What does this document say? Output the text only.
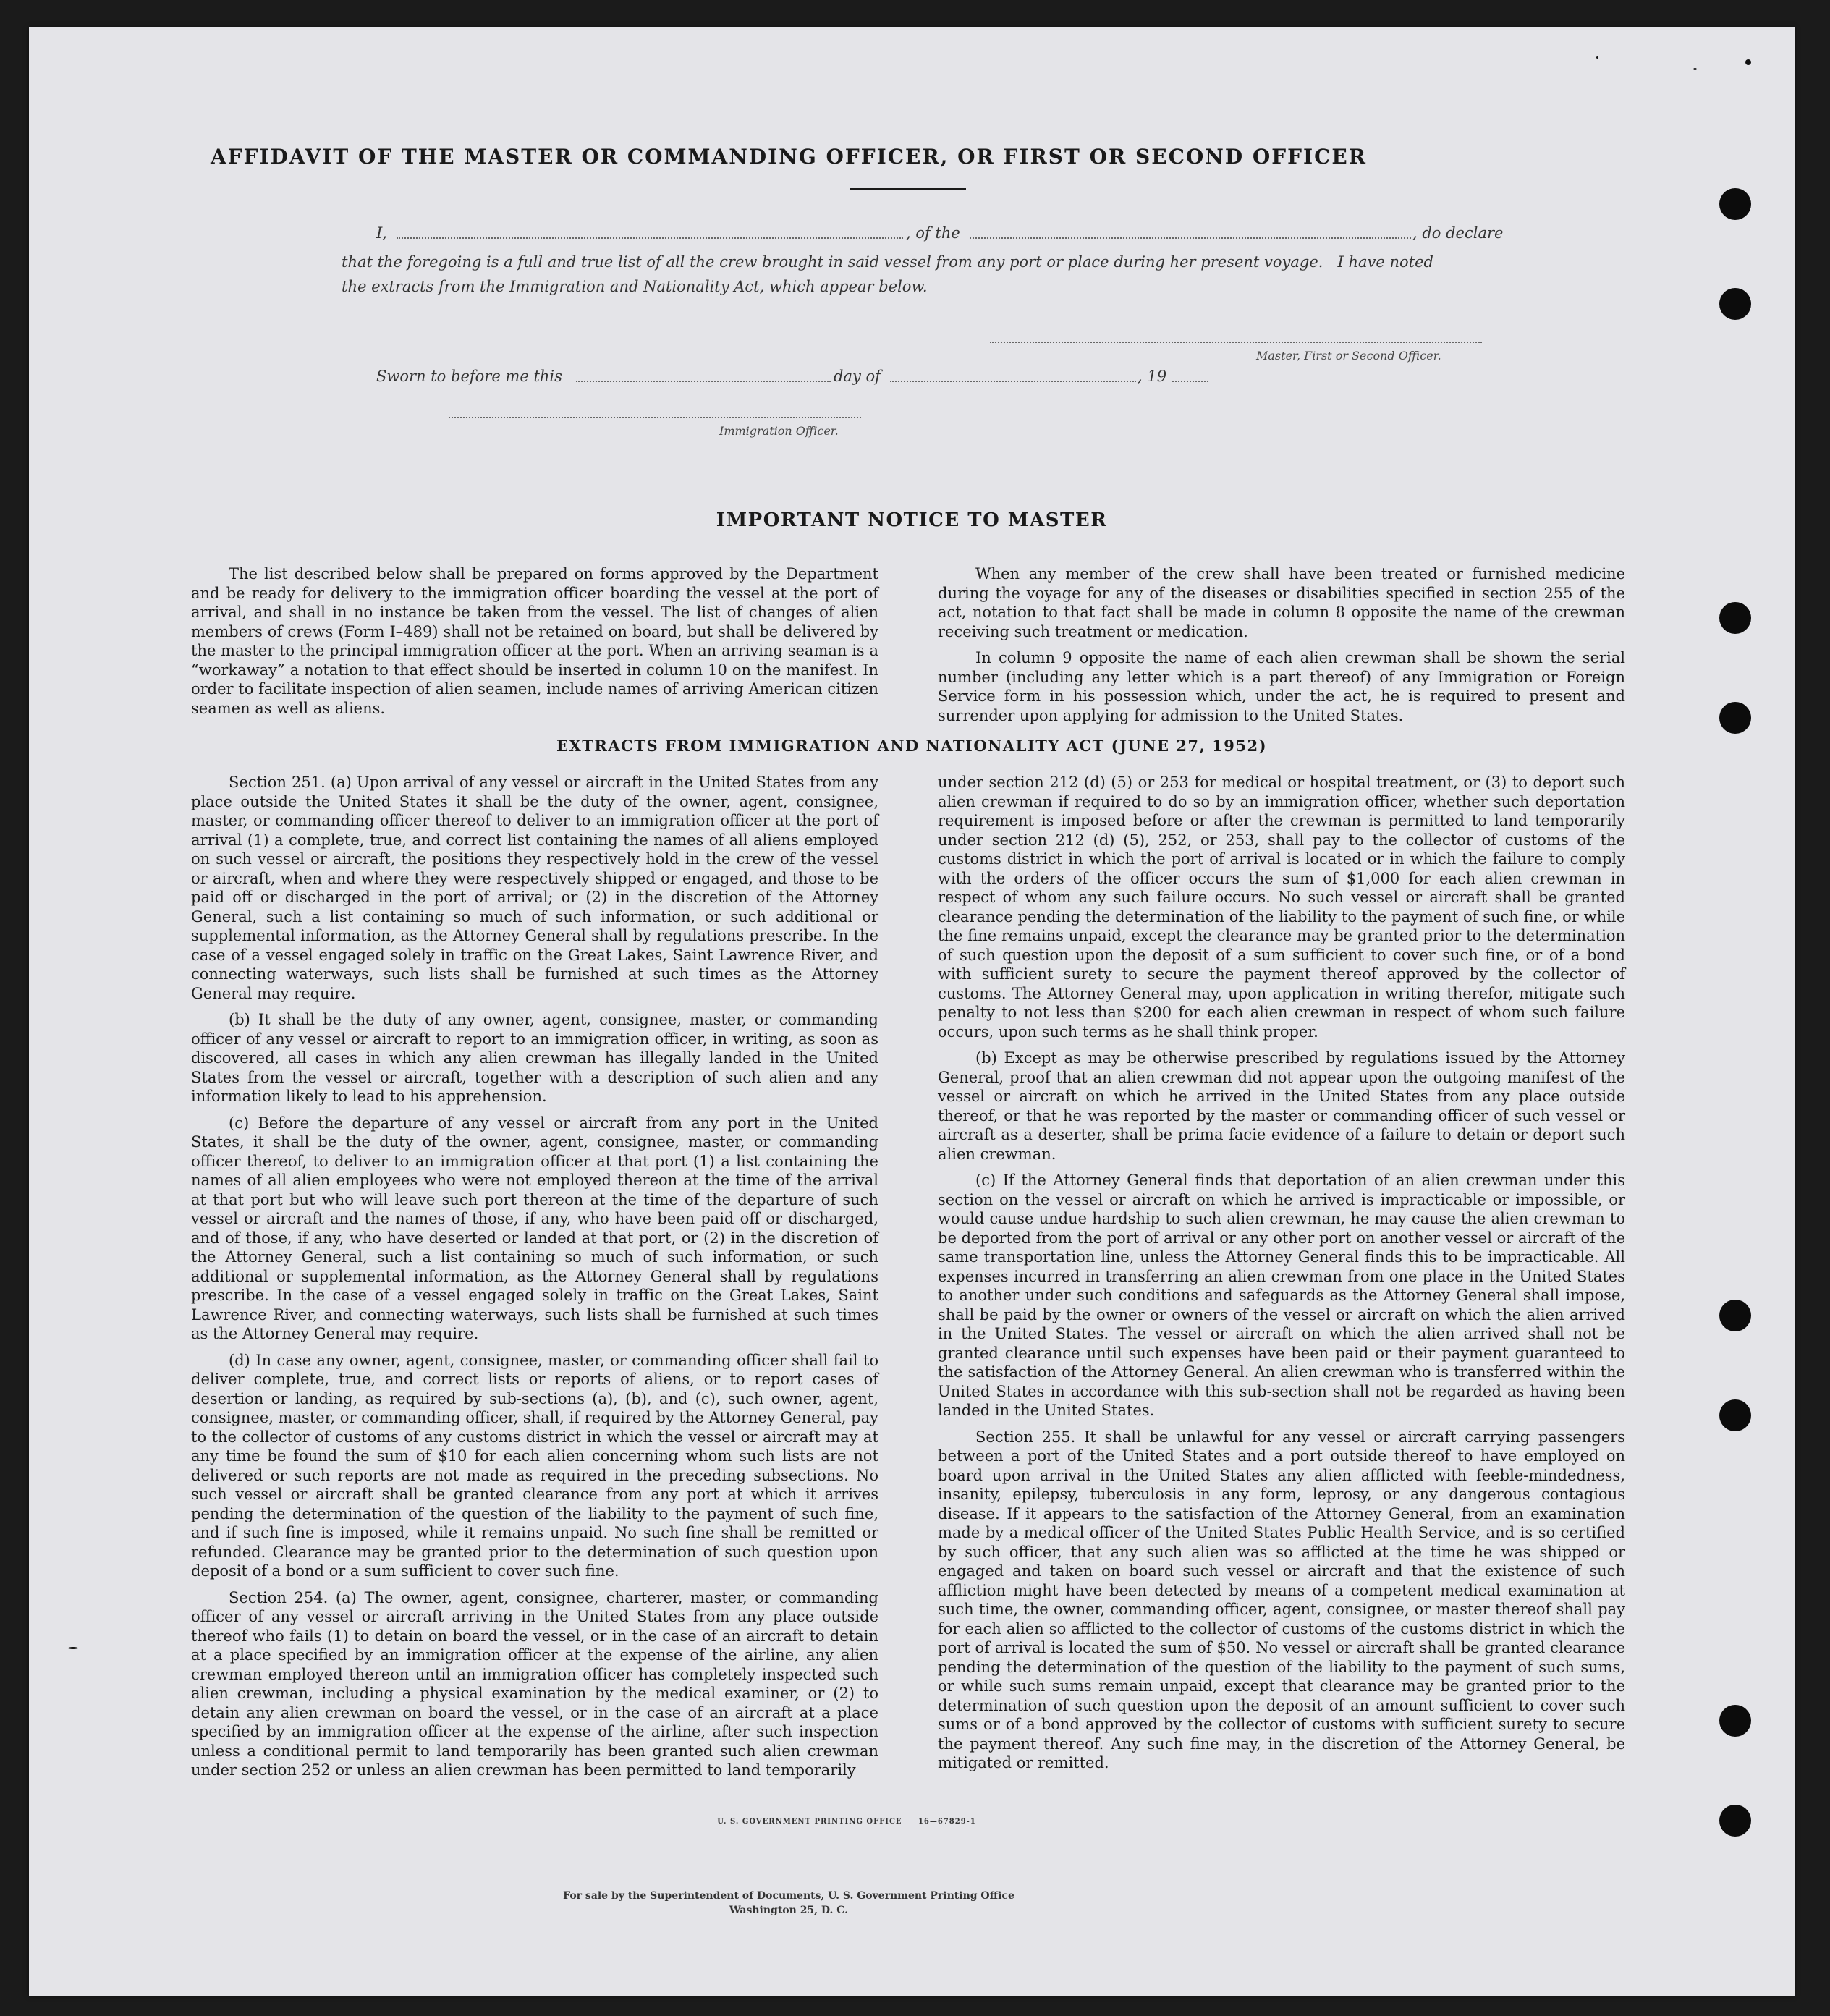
AFFIDAVIT OF THE MASTER OR COMMANDING OFFICER, OR FIRST OR SECOND OFFICER
I,	, of the	, do declare
that the foregoing is a full and true list of all the crew brought in said vessel from any port or place during her present voyage.   I have noted
the extracts from the Immigration and Nationality Act, which appear below.
Master, First or Second Officer.
Sworn to before me this	day of	, 19
Immigration Officer.
IMPORTANT NOTICE TO MASTER

The list described below shall be prepared on forms approved by the Department and be ready for delivery to the immigration officer boarding the vessel at the port of arrival, and shall in no instance be taken from the vessel. The list of changes of alien members of crews (Form I–489) shall not be retained on board, but shall be delivered by the master to the principal immigration officer at the port. When an arriving seaman is a “workaway” a notation to that effect should be inserted in column 10 on the manifest. In order to facilitate inspection of alien seamen, include names of arriving American citizen seamen as well as aliens.

When any member of the crew shall have been treated or furnished medicine during the voyage for any of the diseases or disabilities specified in section 255 of the act, notation to that fact shall be made in column 8 opposite the name of the crewman receiving such treatment or medication.

In column 9 opposite the name of each alien crewman shall be shown the serial number (including any letter which is a part thereof) of any Immigration or Foreign Service form in his possession which, under the act, he is required to present and surrender upon applying for admission to the United States.

EXTRACTS FROM IMMIGRATION AND NATIONALITY ACT (JUNE 27, 1952)

Section 251. (a) Upon arrival of any vessel or aircraft in the United States from any place outside the United States it shall be the duty of the owner, agent, consignee, master, or commanding officer thereof to deliver to an immigration officer at the port of arrival (1) a complete, true, and correct list containing the names of all aliens employed on such vessel or aircraft, the positions they respectively hold in the crew of the vessel or aircraft, when and where they were respectively shipped or engaged, and those to be paid off or discharged in the port of arrival; or (2) in the discretion of the Attorney General, such a list containing so much of such information, or such additional or supplemental information, as the Attorney General shall by regulations prescribe. In the case of a vessel engaged solely in traffic on the Great Lakes, Saint Lawrence River, and connecting waterways, such lists shall be furnished at such times as the Attorney General may require.

(b) It shall be the duty of any owner, agent, consignee, master, or commanding officer of any vessel or aircraft to report to an immigration officer, in writing, as soon as discovered, all cases in which any alien crewman has illegally landed in the United States from the vessel or aircraft, together with a description of such alien and any information likely to lead to his apprehension.

(c) Before the departure of any vessel or aircraft from any port in the United States, it shall be the duty of the owner, agent, consignee, master, or commanding officer thereof, to deliver to an immigration officer at that port (1) a list containing the names of all alien employees who were not employed thereon at the time of the arrival at that port but who will leave such port thereon at the time of the departure of such vessel or aircraft and the names of those, if any, who have been paid off or discharged, and of those, if any, who have deserted or landed at that port, or (2) in the discretion of the Attorney General, such a list containing so much of such information, or such additional or supplemental information, as the Attorney General shall by regulations prescribe. In the case of a vessel engaged solely in traffic on the Great Lakes, Saint Lawrence River, and connecting waterways, such lists shall be furnished at such times as the Attorney General may require.

(d) In case any owner, agent, consignee, master, or commanding officer shall fail to deliver complete, true, and correct lists or reports of aliens, or to report cases of desertion or landing, as required by sub-sections (a), (b), and (c), such owner, agent, consignee, master, or commanding officer, shall, if required by the Attorney General, pay to the collector of customs of any customs district in which the vessel or aircraft may at any time be found the sum of $10 for each alien concerning whom such lists are not delivered or such reports are not made as required in the preceding subsections. No such vessel or aircraft shall be granted clearance from any port at which it arrives pending the determination of the question of the liability to the payment of such fine, and if such fine is imposed, while it remains unpaid. No such fine shall be remitted or refunded. Clearance may be granted prior to the determination of such question upon deposit of a bond or a sum sufficient to cover such fine.

Section 254. (a) The owner, agent, consignee, charterer, master, or commanding officer of any vessel or aircraft arriving in the United States from any place outside thereof who fails (1) to detain on board the vessel, or in the case of an aircraft to detain at a place specified by an immigration officer at the expense of the airline, any alien crewman employed thereon until an immigration officer has completely inspected such alien crewman, including a physical examination by the medical examiner, or (2) to detain any alien crewman on board the vessel, or in the case of an aircraft at a place specified by an immigration officer at the expense of the airline, after such inspection unless a conditional permit to land temporarily has been granted such alien crewman under section 252 or unless an alien crewman has been permitted to land temporarily

under section 212 (d) (5) or 253 for medical or hospital treatment, or (3) to deport such alien crewman if required to do so by an immigration officer, whether such deportation requirement is imposed before or after the crewman is permitted to land temporarily under section 212 (d) (5), 252, or 253, shall pay to the collector of customs of the customs district in which the port of arrival is located or in which the failure to comply with the orders of the officer occurs the sum of $1,000 for each alien crewman in respect of whom any such failure occurs. No such vessel or aircraft shall be granted clearance pending the determination of the liability to the payment of such fine, or while the fine remains unpaid, except the clearance may be granted prior to the determination of such question upon the deposit of a sum sufficient to cover such fine, or of a bond with sufficient surety to secure the payment thereof approved by the collector of customs. The Attorney General may, upon application in writing therefor, mitigate such penalty to not less than $200 for each alien crewman in respect of whom such failure occurs, upon such terms as he shall think proper.

(b) Except as may be otherwise prescribed by regulations issued by the Attorney General, proof that an alien crewman did not appear upon the outgoing manifest of the vessel or aircraft on which he arrived in the United States from any place outside thereof, or that he was reported by the master or commanding officer of such vessel or aircraft as a deserter, shall be prima facie evidence of a failure to detain or deport such alien crewman.

(c) If the Attorney General finds that deportation of an alien crewman under this section on the vessel or aircraft on which he arrived is impracticable or impossible, or would cause undue hardship to such alien crewman, he may cause the alien crewman to be deported from the port of arrival or any other port on another vessel or aircraft of the same transportation line, unless the Attorney General finds this to be impracticable. All expenses incurred in transferring an alien crewman from one place in the United States to another under such conditions and safeguards as the Attorney General shall impose, shall be paid by the owner or owners of the vessel or aircraft on which the alien arrived in the United States. The vessel or aircraft on which the alien arrived shall not be granted clearance until such expenses have been paid or their payment guaranteed to the satisfaction of the Attorney General. An alien crewman who is transferred within the United States in accordance with this sub-section shall not be regarded as having been landed in the United States.

Section 255. It shall be unlawful for any vessel or aircraft carrying passengers between a port of the United States and a port outside thereof to have employed on board upon arrival in the United States any alien afflicted with feeble-mindedness, insanity, epilepsy, tuberculosis in any form, leprosy, or any dangerous contagious disease. If it appears to the satisfaction of the Attorney General, from an examination made by a medical officer of the United States Public Health Service, and is so certified by such officer, that any such alien was so afflicted at the time he was shipped or engaged and taken on board such vessel or aircraft and that the existence of such affliction might have been detected by means of a competent medical examination at such time, the owner, commanding officer, agent, consignee, or master thereof shall pay for each alien so afflicted to the collector of customs of the customs district in which the port of arrival is located the sum of $50. No vessel or aircraft shall be granted clearance pending the determination of the question of the liability to the payment of such sums, or while such sums remain unpaid, except that clearance may be granted prior to the determination of such question upon the deposit of an amount sufficient to cover such sums or of a bond approved by the collector of customs with sufficient surety to secure the payment thereof. Any such fine may, in the discretion of the Attorney General, be mitigated or remitted.

U. S. GOVERNMENT PRINTING OFFICE     16—67829-1
For sale by the Superintendent of Documents, U. S. Government Printing Office
Washington 25, D. C.
